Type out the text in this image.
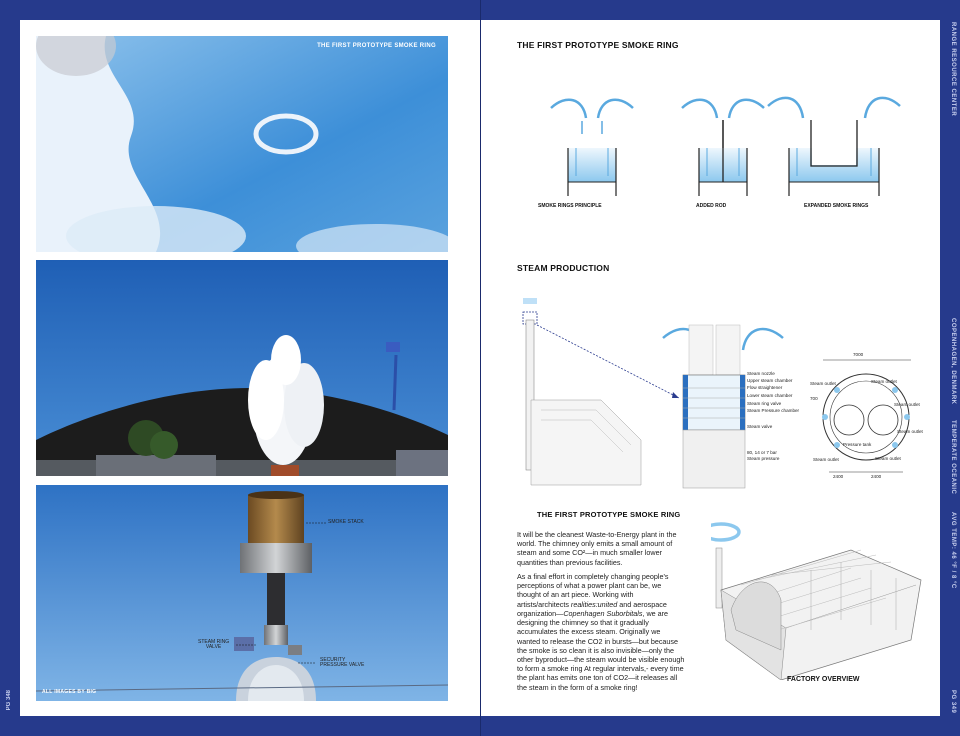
THE FIRST PROTOTYPE SMOKE RING
SMOKE STACK
STEAM RING
VALVE
SECURITY
PRESSURE VALVE
ALL IMAGES BY BIG
THE FIRST PROTOTYPE SMOKE RING
SMOKE RINGS PRINCIPLE	ADDED ROD	EXPANDED SMOKE RINGS
STEAM PRODUCTION
Steam nozzle
Upper steam chamber
Flow straightener
Lower steam chamber
Steam ring valve
Steam Pressure chamber
Steam valve
80, 14 or 7 bar
Steam pressure
7000
700
Steam outlet	Steam outlet
Steam outlet
Steam outlet
Steam outlet	Steam outlet
Pressure tank
2400	2400
THE FIRST PROTOTYPE SMOKE RING

It will be the cleanest Waste-to-Energy plant in the world. The chimney only emits a small amount of steam and some CO²—in much smaller lower quantities than previous facilities.

As a final effort in completely changing people's perceptions of what a power plant can be, we thought of an art piece. Working with artists/architects realities:united and aerospace organization—Copenhagen Suborbitals, we are designing the chimney so that it gradually accumulates the excess steam. Originally we wanted to release the CO2 in bursts—but because the smoke is so clean it is also invisible—only the other byproduct—the steam would be visible enough to form a smoke ring At regular intervals,- every time the plant has emits one ton of CO2—it releases all the steam in the form of a smoke ring!

FACTORY OVERVIEW
RANGE RESOURCE CENTER
COPENHAGEN, DENMARK
TEMPERATE OCEANIC
AVG TEMP: 46 °F / 8 °C
PG 349
PG 348
